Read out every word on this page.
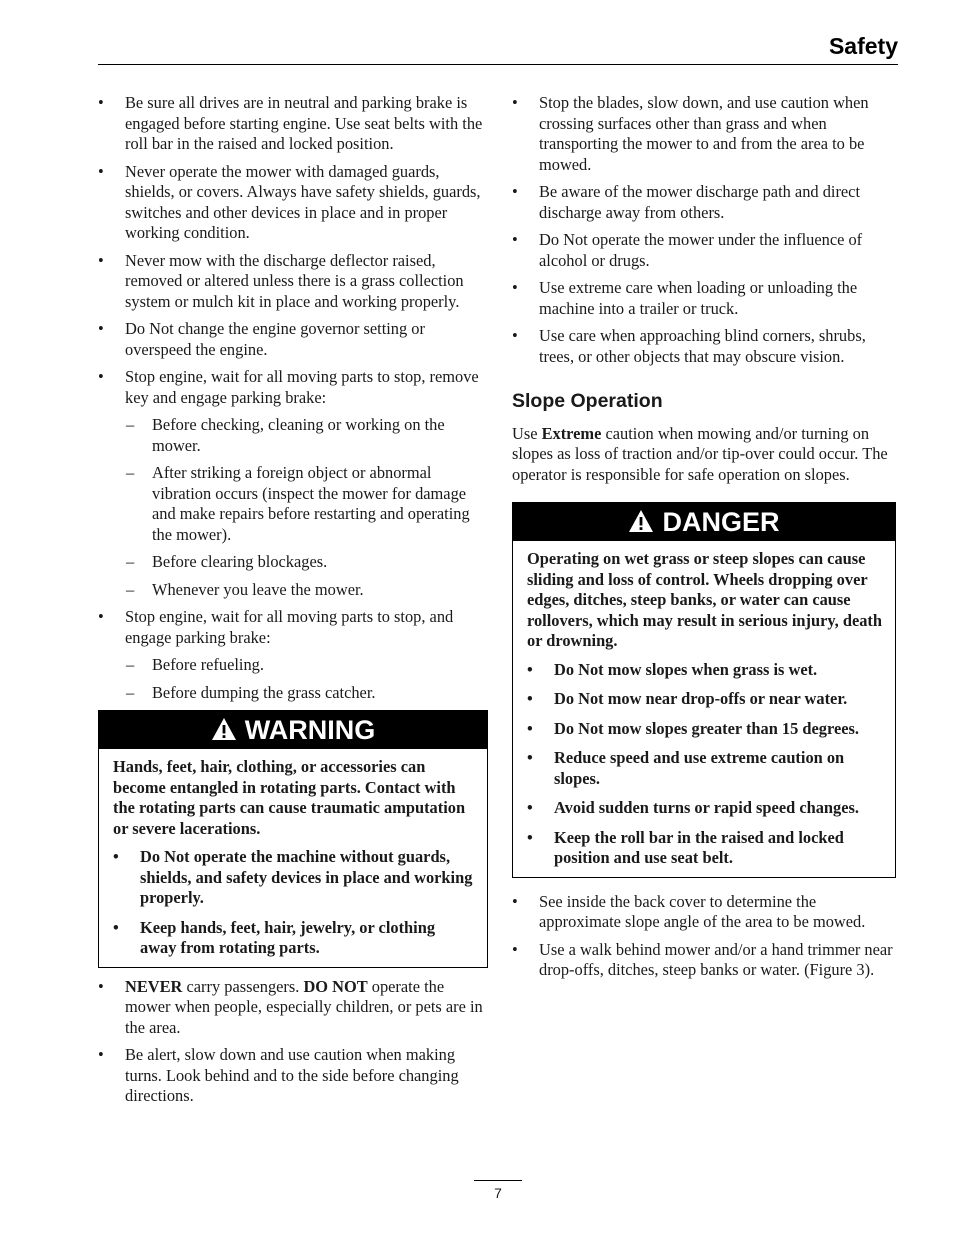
Safety
• Be sure all drives are in neutral and parking brake is engaged before starting engine. Use seat belts with the roll bar in the raised and locked position.
• Never operate the mower with damaged guards, shields, or covers. Always have safety shields, guards, switches and other devices in place and in proper working condition.
• Never mow with the discharge deflector raised, removed or altered unless there is a grass collection system or mulch kit in place and working properly.
• Do Not change the engine governor setting or overspeed the engine.
• Stop engine, wait for all moving parts to stop, remove key and engage parking brake:
– Before checking, cleaning or working on the mower.
– After striking a foreign object or abnormal vibration occurs (inspect the mower for damage and make repairs before restarting and operating the mower).
– Before clearing blockages.
– Whenever you leave the mower.
• Stop engine, wait for all moving parts to stop, and engage parking brake:
– Before refueling.
– Before dumping the grass catcher.
WARNING

Hands, feet, hair, clothing, or accessories can become entangled in rotating parts. Contact with the rotating parts can cause traumatic amputation or severe lacerations.

• Do Not operate the machine without guards, shields, and safety devices in place and working properly.
• Keep hands, feet, hair, jewelry, or clothing away from rotating parts.
• NEVER carry passengers. DO NOT operate the mower when people, especially children, or pets are in the area.
• Be alert, slow down and use caution when making turns. Look behind and to the side before changing directions.
• Stop the blades, slow down, and use caution when crossing surfaces other than grass and when transporting the mower to and from the area to be mowed.
• Be aware of the mower discharge path and direct discharge away from others.
• Do Not operate the mower under the influence of alcohol or drugs.
• Use extreme care when loading or unloading the machine into a trailer or truck.
• Use care when approaching blind corners, shrubs, trees, or other objects that may obscure vision.
Slope Operation

Use Extreme caution when mowing and/or turning on slopes as loss of traction and/or tip-over could occur. The operator is responsible for safe operation on slopes.

DANGER

Operating on wet grass or steep slopes can cause sliding and loss of control. Wheels dropping over edges, ditches, steep banks, or water can cause rollovers, which may result in serious injury, death or drowning.

• Do Not mow slopes when grass is wet.
• Do Not mow near drop-offs or near water.
• Do Not mow slopes greater than 15 degrees.
• Reduce speed and use extreme caution on slopes.
• Avoid sudden turns or rapid speed changes.
• Keep the roll bar in the raised and locked position and use seat belt.
• See inside the back cover to determine the approximate slope angle of the area to be mowed.
• Use a walk behind mower and/or a hand trimmer near drop-offs, ditches, steep banks or water. (Figure 3).
7
